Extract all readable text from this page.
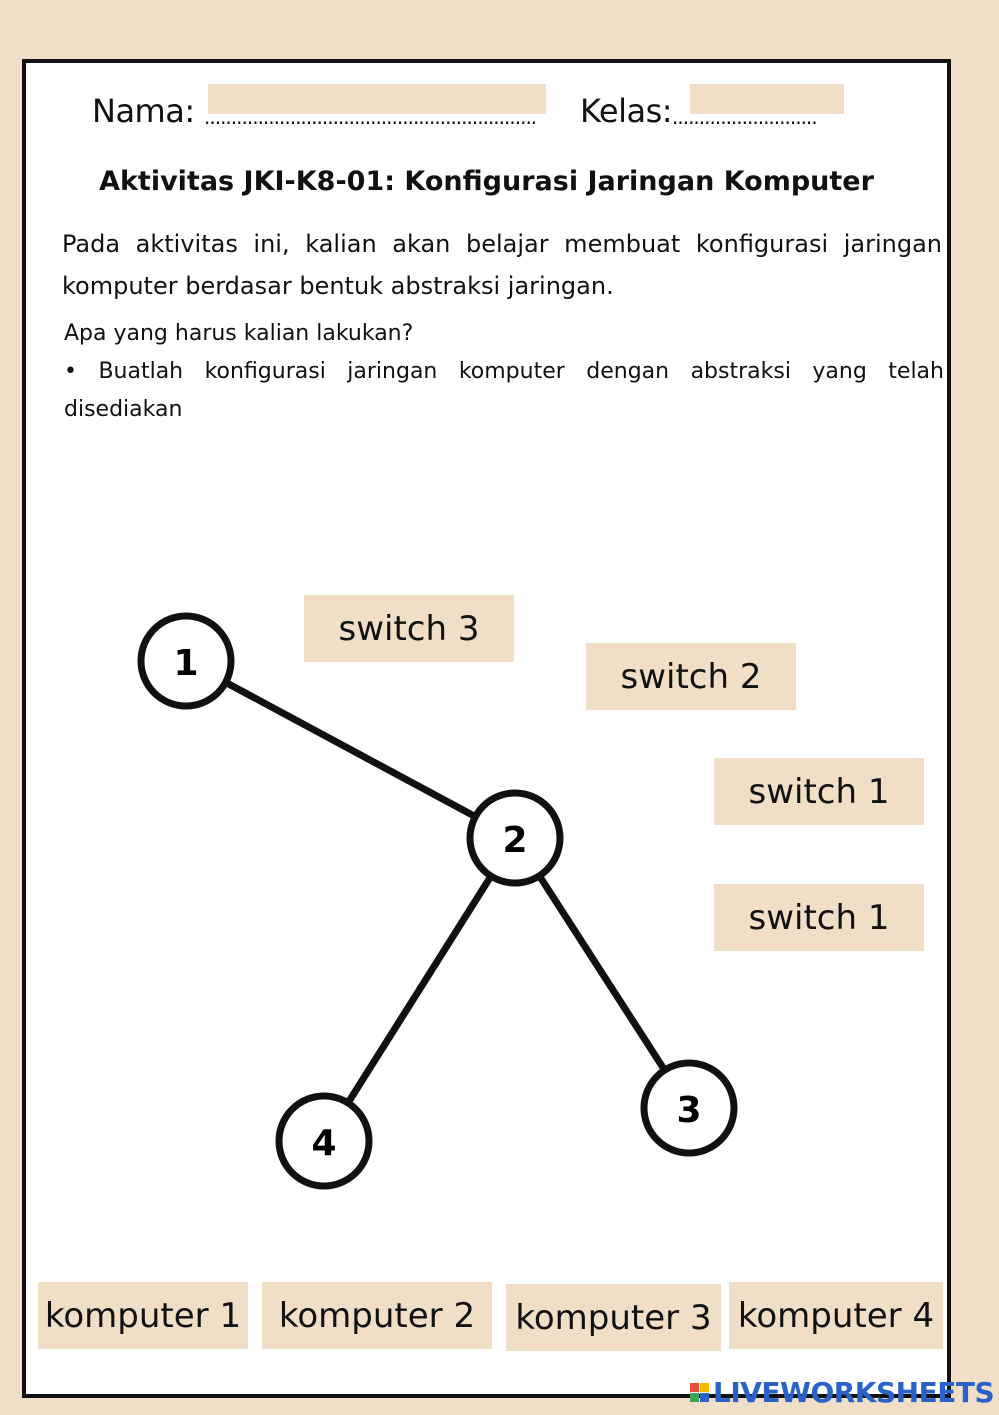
Nama: .............................................................. Kelas: ...........................
Aktivitas JKI-K8-01: Konfigurasi Jaringan Komputer
Pada aktivitas ini, kalian akan belajar membuat konfigurasi jaringan komputer berdasar bentuk abstraksi jaringan.
Apa yang harus kalian lakukan?
• Buatlah konfigurasi jaringan komputer dengan abstraksi yang telah disediakan
1
2
3
4
switch 3
switch 2
switch 1
switch 1
komputer 1	komputer 2	komputer 3 komputer 4
LIVEWORKSHEETS
